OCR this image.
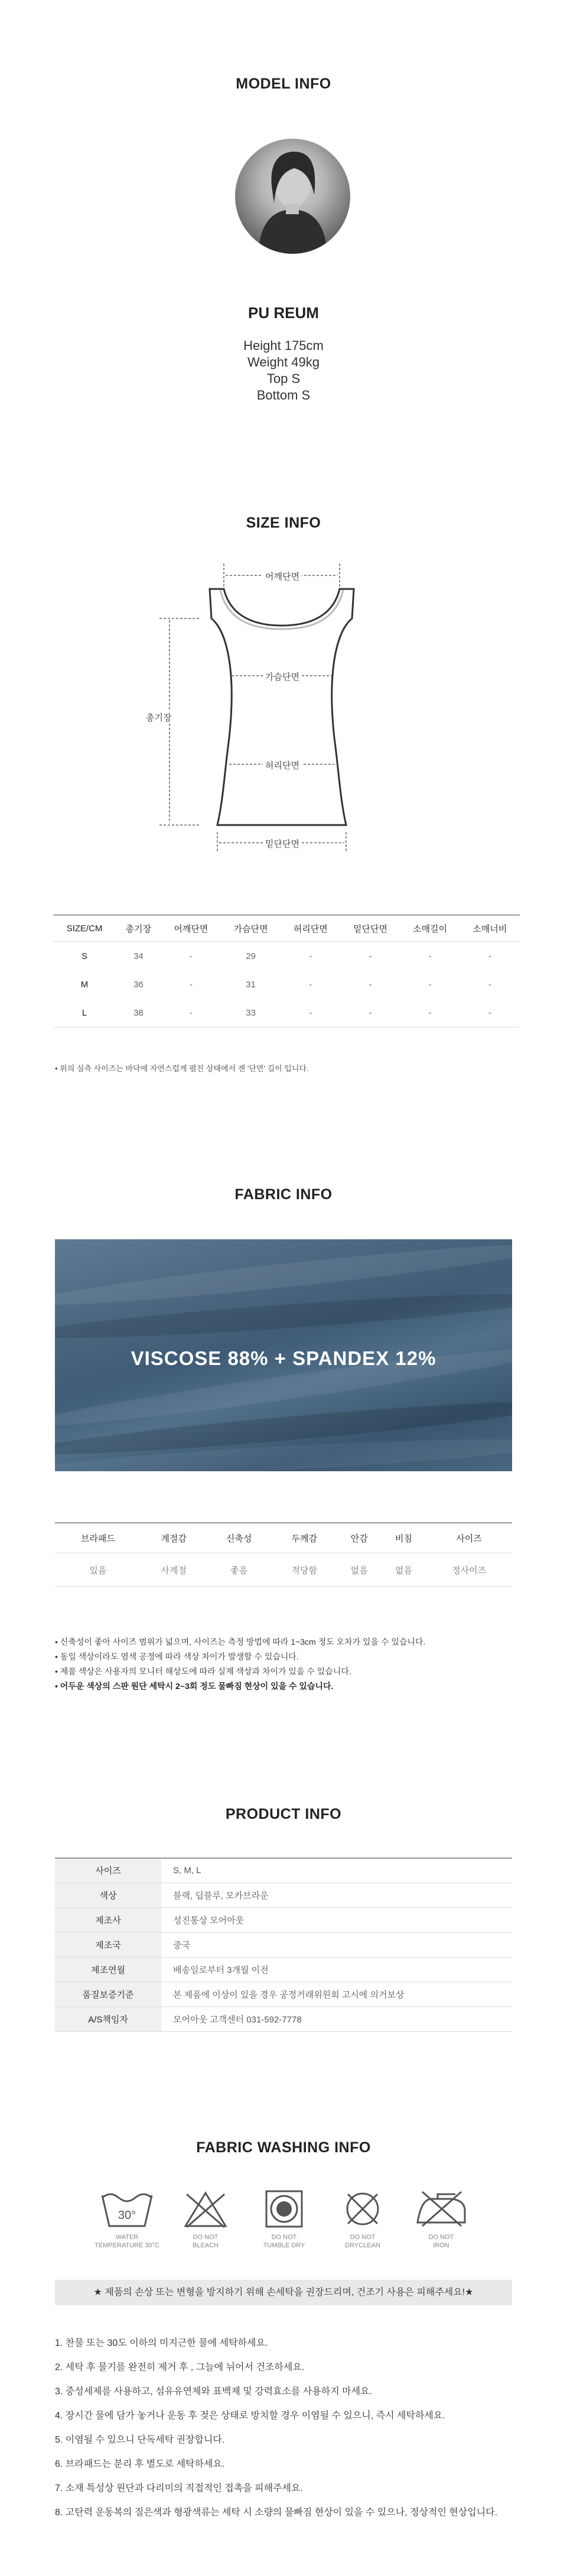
MODEL INFO
PU REUM
Height 175cm
Weight 49kg
Top S
Bottom S
SIZE INFO
어깨단면
가슴단면
허리단면
밑단단면
총기장
SIZE/CM	총기장	어깨단면	가슴단면	허리단면	밑단단면	소매길이	소매너비
S	34	-	29	-	-	-	-
M	36	-	31	-	-	-	-
L	38	-	33	-	-	-	-
• 위의 실측 사이즈는 바닥에 자연스럽게 펼친 상태에서 잰 '단면' 길이 입니다.
FABRIC INFO
VISCOSE 88% + SPANDEX 12%
브라패드	계절감	신축성	두께감	안감	비침	사이즈
있음	사계절	좋음	적당함	없음	없음	정사이즈
• 신축성이 좋아 사이즈 범위가 넓으며, 사이즈는 측정 방법에 따라 1~3cm 정도 오차가 있을 수 있습니다.
• 동일 색상이라도 염색 공정에 따라 색상 차이가 발생할 수 있습니다.
• 제품 색상은 사용자의 모니터 해상도에 따라 실제 색상과 차이가 있을 수 있습니다.
• 어두운 색상의 스판 원단 세탁시 2~3회 정도 물빠짐 현상이 있을 수 있습니다.
PRODUCT INFO
사이즈	S, M, L
색상	블랙, 딥블루, 모카브라운
제조사	성진통상 모어아웃
제조국	중국
제조연월	배송일로부터 3개월 이전
품질보증기준	본 제품에 이상이 있을 경우 공정거래위원회 고시에 의거보상
A/S책임자	모어아웃 고객센터 031-592-7778
FABRIC WASHING INFO
30°
WATER
TEMPERATURE 30°C
DO NOT
BLEACH
DO NOT
TUMBLE DRY
DO NOT
DRYCLEAN
DO NOT
IRON
★ 제품의 손상 또는 변형을 방지하기 위해 손세탁을 권장드리며, 건조기 사용은 피해주세요!★
1. 찬물 또는 30도 이하의 미지근한 물에 세탁하세요.
2. 세탁 후 물기를 완전히 제거 후 , 그늘에 뉘어서 건조하세요.
3. 중성세제를 사용하고, 섬유유연제와 표백제 및 강력효소를 사용하지 마세요.
4. 장시간 물에 담가 놓거나 운동 후 젖은 상태로 방치할 경우 이염될 수 있으니, 즉시 세탁하세요.
5. 이염될 수 있으니 단독세탁 권장합니다.
6. 브라패드는 분리 후 별도로 세탁하세요.
7. 소재 특성상 원단과 다리미의 직접적인 접촉을 피해주세요.
8. 고탄력 운동복의 질은색과 형광색류는 세탁 시 소량의 물빠짐 현상이 있을 수 있으나, 정상적인 현상입니다.
